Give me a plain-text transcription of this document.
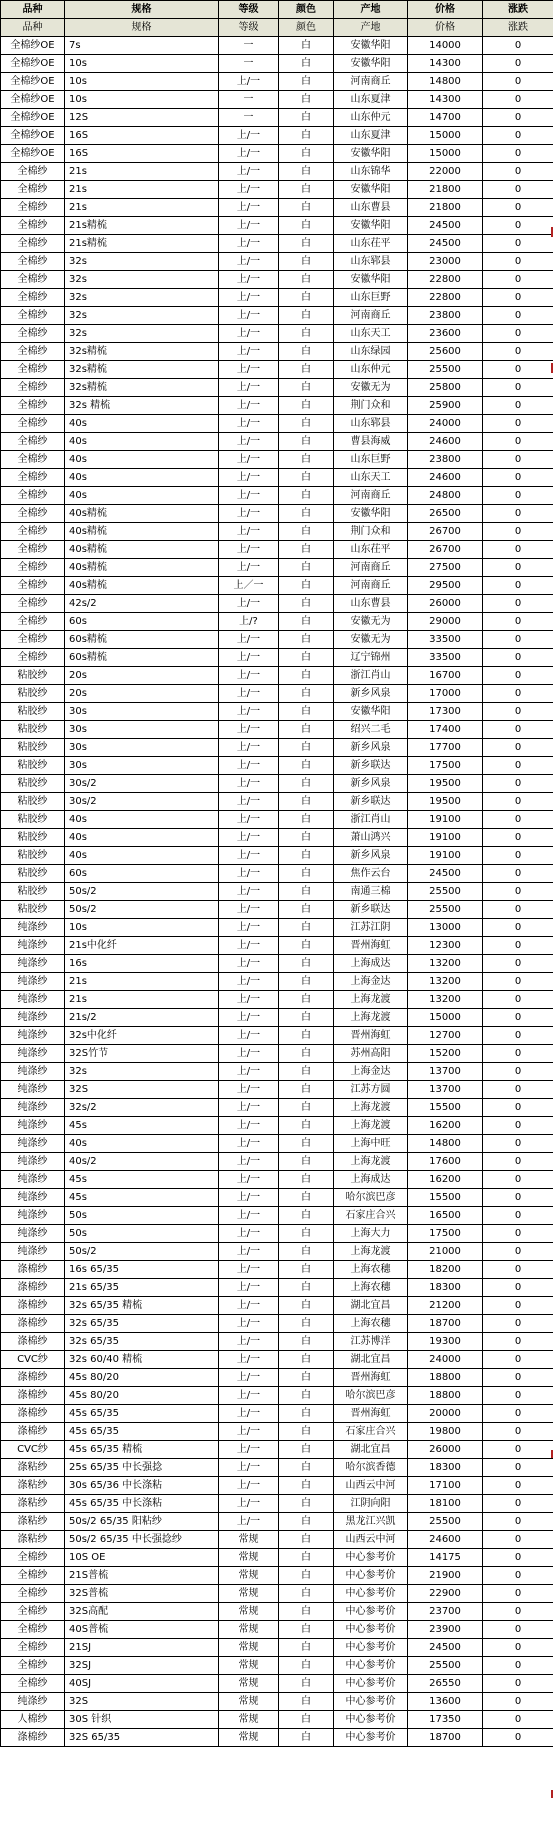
品种	规格	等级	颜色	产地	价格	涨跌
品种	规格	等级	颜色	产地	价格	涨跌
全棉纱OE	7s	一	白	安徽华阳	14000	0
全棉纱OE	10s	一	白	安徽华阳	14300	0
全棉纱OE	10s	上/一	白	河南商丘	14800	0
全棉纱OE	10s	一	白	山东夏津	14300	0
全棉纱OE	12S	一	白	山东仲元	14700	0
全棉纱OE	16S	上/一	白	山东夏津	15000	0
全棉纱OE	16S	上/一	白	安徽华阳	15000	0
全棉纱	21s	上/一	白	山东锦华	22000	0
全棉纱	21s	上/一	白	安徽华阳	21800	0
全棉纱	21s	上/一	白	山东曹县	21800	0
全棉纱	21s精梳	上/一	白	安徽华阳	24500	0
全棉纱	21s精梳	上/一	白	山东茌平	24500	0
全棉纱	32s	上/一	白	山东郓县	23000	0
全棉纱	32s	上/一	白	安徽华阳	22800	0
全棉纱	32s	上/一	白	山东巨野	22800	0
全棉纱	32s	上/一	白	河南商丘	23800	0
全棉纱	32s	上/一	白	山东天工	23600	0
全棉纱	32s精梳	上/一	白	山东绿园	25600	0
全棉纱	32s精梳	上/一	白	山东仲元	25500	0
全棉纱	32s精梳	上/一	白	安徽无为	25800	0
全棉纱	32s 精梳	上/一	白	荆门众和	25900	0
全棉纱	40s	上/一	白	山东郓县	24000	0
全棉纱	40s	上/一	白	曹县海威	24600	0
全棉纱	40s	上/一	白	山东巨野	23800	0
全棉纱	40s	上/一	白	山东天工	24600	0
全棉纱	40s	上/一	白	河南商丘	24800	0
全棉纱	40s精梳	上/一	白	安徽华阳	26500	0
全棉纱	40s精梳	上/一	白	荆门众和	26700	0
全棉纱	40s精梳	上/一	白	山东茌平	26700	0
全棉纱	40s精梳	上/一	白	河南商丘	27500	0
全棉纱	40s精梳	上／一	白	河南商丘	29500	0
全棉纱	42s/2	上/一	白	山东曹县	26000	0
全棉纱	60s	上/?	白	安徽无为	29000	0
全棉纱	60s精梳	上/一	白	安徽无为	33500	0
全棉纱	60s精梳	上/一	白	辽宁锦州	33500	0
粘胶纱	20s	上/一	白	浙江肖山	16700	0
粘胶纱	20s	上/一	白	新乡风泉	17000	0
粘胶纱	30s	上/一	白	安徽华阳	17300	0
粘胶纱	30s	上/一	白	绍兴二毛	17400	0
粘胶纱	30s	上/一	白	新乡风泉	17700	0
粘胶纱	30s	上/一	白	新乡联达	17500	0
粘胶纱	30s/2	上/一	白	新乡风泉	19500	0
粘胶纱	30s/2	上/一	白	新乡联达	19500	0
粘胶纱	40s	上/一	白	浙江肖山	19100	0
粘胶纱	40s	上/一	白	萧山鸿兴	19100	0
粘胶纱	40s	上/一	白	新乡风泉	19100	0
粘胶纱	60s	上/一	白	焦作云台	24500	0
粘胶纱	50s/2	上/一	白	南通三棉	25500	0
粘胶纱	50s/2	上/一	白	新乡联达	25500	0
纯涤纱	10s	上/一	白	江苏江阴	13000	0
纯涤纱	21s中化纤	上/一	白	晋州海虹	12300	0
纯涤纱	16s	上/一	白	上海成达	13200	0
纯涤纱	21s	上/一	白	上海金达	13200	0
纯涤纱	21s	上/一	白	上海龙渡	13200	0
纯涤纱	21s/2	上/一	白	上海龙渡	15000	0
纯涤纱	32s中化纤	上/一	白	晋州海虹	12700	0
纯涤纱	32S竹节	上/一	白	苏州高阳	15200	0
纯涤纱	32s	上/一	白	上海金达	13700	0
纯涤纱	32S	上/一	白	江苏方圆	13700	0
纯涤纱	32s/2	上/一	白	上海龙渡	15500	0
纯涤纱	45s	上/一	白	上海龙渡	16200	0
纯涤纱	40s	上/一	白	上海中旺	14800	0
纯涤纱	40s/2	上/一	白	上海龙渡	17600	0
纯涤纱	45s	上/一	白	上海成达	16200	0
纯涤纱	45s	上/一	白	哈尔滨巴彦	15500	0
纯涤纱	50s	上/一	白	石家庄合兴	16500	0
纯涤纱	50s	上/一	白	上海大力	17500	0
纯涤纱	50s/2	上/一	白	上海龙渡	21000	0
涤棉纱	16s 65/35	上/一	白	上海农穗	18200	0
涤棉纱	21s 65/35	上/一	白	上海农穗	18300	0
涤棉纱	32s 65/35 精梳	上/一	白	湖北宜昌	21200	0
涤棉纱	32s 65/35	上/一	白	上海农穗	18700	0
涤棉纱	32s 65/35	上/一	白	江苏博洋	19300	0
CVC纱	32s 60/40 精梳	上/一	白	湖北宜昌	24000	0
涤棉纱	45s 80/20	上/一	白	晋州海虹	18800	0
涤棉纱	45s 80/20	上/一	白	哈尔滨巴彦	18800	0
涤棉纱	45s 65/35	上/一	白	晋州海虹	20000	0
涤棉纱	45s 65/35	上/一	白	石家庄合兴	19800	0
CVC纱	45s 65/35 精梳	上/一	白	湖北宜昌	26000	0
涤粘纱	25s 65/35 中长强捻	上/一	白	哈尔滨香德	18300	0
涤粘纱	30s 65/36 中长涤粘	上/一	白	山西云中河	17100	0
涤粘纱	45s 65/35 中长涤粘	上/一	白	江阴向阳	18100	0
涤粘纱	50s/2 65/35 阳粘纱	上/一	白	黑龙江兴凯	25500	0
涤粘纱	50s/2 65/35 中长强捻纱	常规	白	山西云中河	24600	0
全棉纱	10S OE	常规	白	中心参考价	14175	0
全棉纱	21S普梳	常规	白	中心参考价	21900	0
全棉纱	32S普梳	常规	白	中心参考价	22900	0
全棉纱	32S高配	常规	白	中心参考价	23700	0
全棉纱	40S普梳	常规	白	中心参考价	23900	0
全棉纱	21SJ	常规	白	中心参考价	24500	0
全棉纱	32SJ	常规	白	中心参考价	25500	0
全棉纱	40SJ	常规	白	中心参考价	26550	0
纯涤纱	32S	常规	白	中心参考价	13600	0
人棉纱	30S 针织	常规	白	中心参考价	17350	0
涤棉纱	32S 65/35	常规	白	中心参考价	18700	0
